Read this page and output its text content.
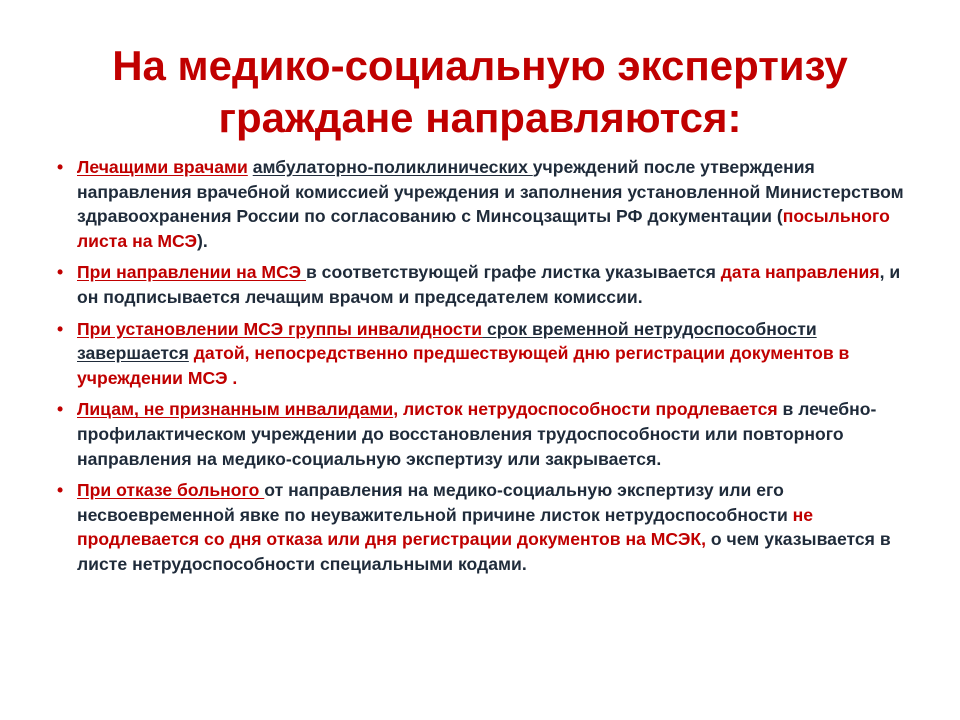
На медико-социальную экспертизу
граждане направляются:
• Лечащими врачами амбулаторно-поликлинических учреждений после утверждения направления врачебной комиссией учреждения и заполнения установленной Министерством здравоохранения России по согласованию с Минсоцзащиты РФ документации (посыльного листа на МСЭ).
• При направлении на МСЭ в соответствующей графе листка указывается дата направления, и он подписывается лечащим врачом и председателем комиссии.
• При установлении МСЭ группы инвалидности срок временной нетрудоспособности завершается датой, непосредственно предшествующей дню регистрации документов в учреждении МСЭ .
• Лицам, не признанным инвалидами, листок нетрудоспособности продлевается в лечебно-профилактическом учреждении до восстановления трудоспособности или повторного направления на медико-социальную экспертизу или закрывается.
• При отказе больного от направления на медико-социальную экспертизу или его несвоевременной явке по неуважительной причине листок нетрудоспособности не продлевается со дня отказа или дня регистрации документов на МСЭК, о чем указывается в листе нетрудоспособности специальными кодами.
